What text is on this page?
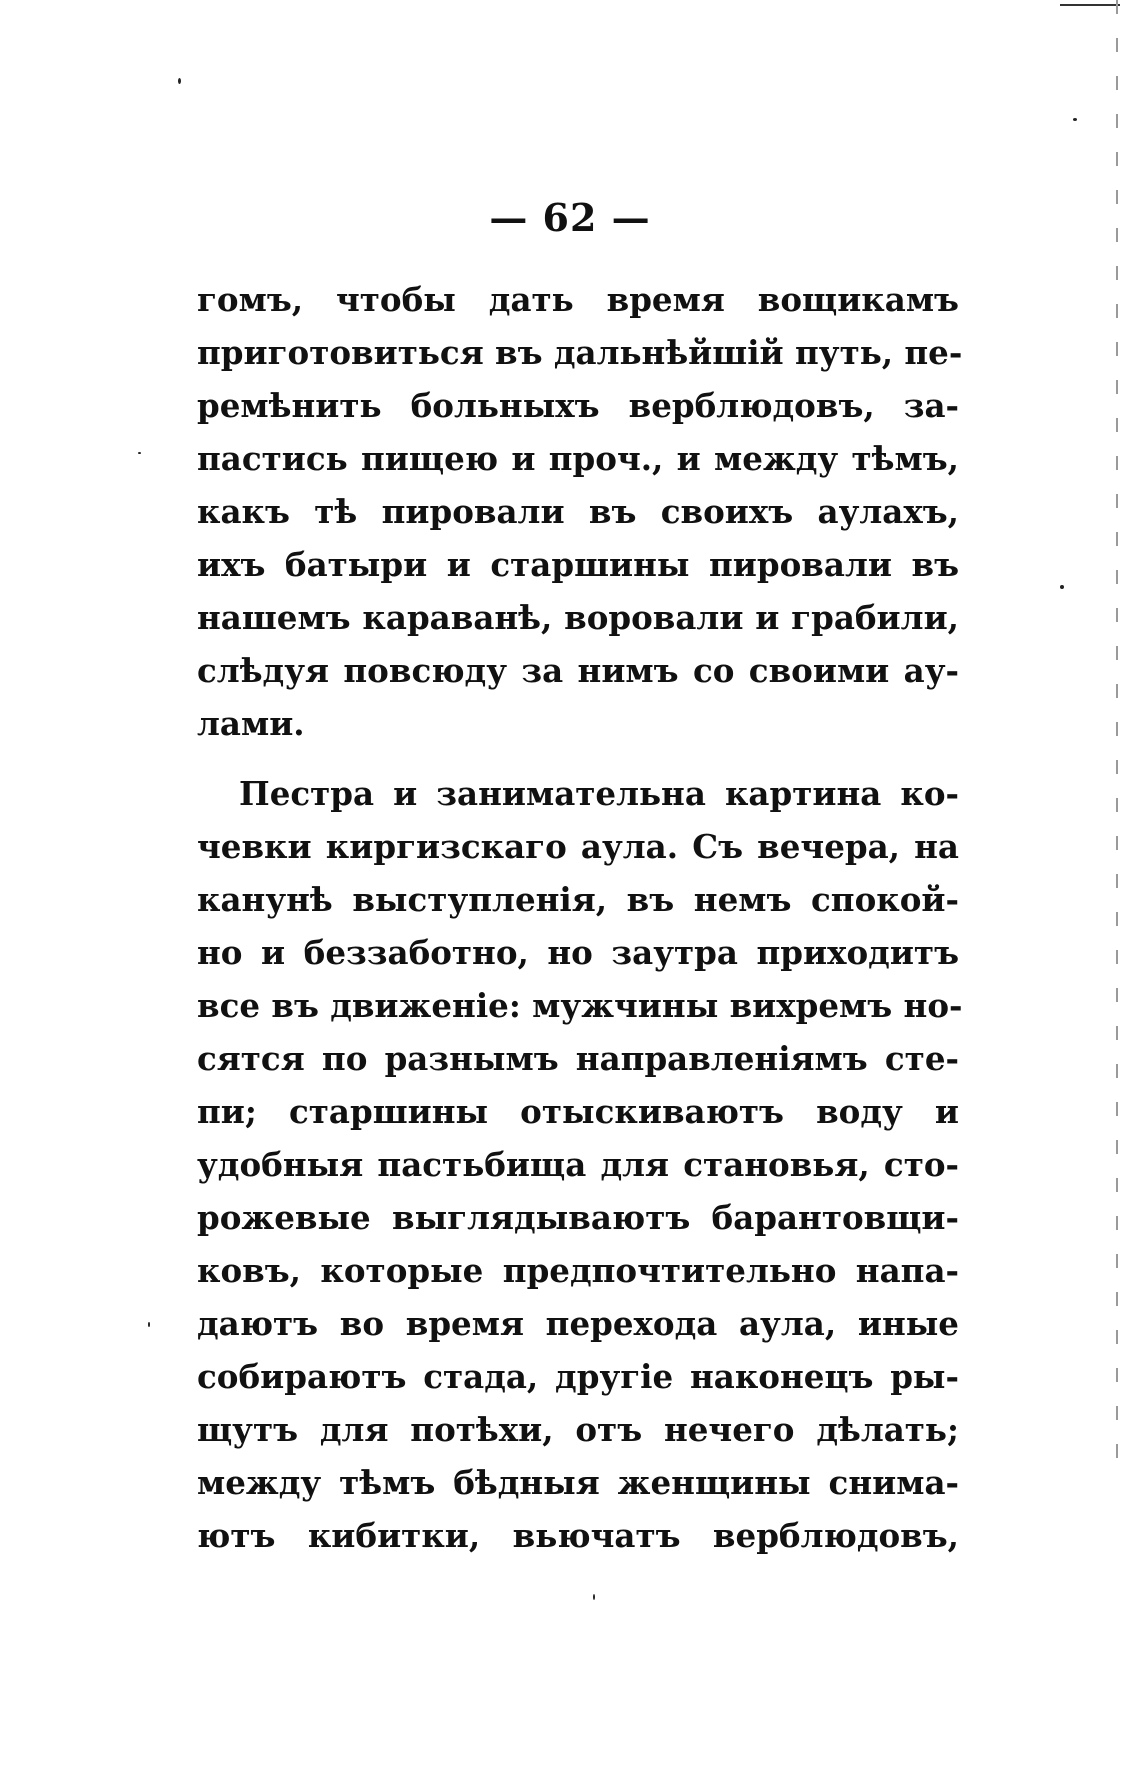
— 62 —
гомъ, чтобы дать время вощикамъ
приготовиться въ дальнѣйшій путь, пе-
ремѣнить больныхъ верблюдовъ, за-
пастись пищею и проч., и между тѣмъ,
какъ тѣ пировали въ своихъ аулахъ,
ихъ батыри и старшины пировали въ
нашемъ караванѣ, воровали и грабили,
слѣдуя повсюду за нимъ со своими ау-
лами.
Пестра и занимательна картина ко-
чевки киргизскаго аула. Съ вечера, на
канунѣ выступленія, въ немъ спокой-
но и беззаботно, но заутра приходитъ
все въ движеніе: мужчины вихремъ но-
сятся по разнымъ направленіямъ сте-
пи; старшины отыскиваютъ воду и
удобныя пастьбища для становья, сто-
рожевые выглядываютъ барантовщи-
ковъ, которые предпочтительно напа-
даютъ во время перехода аула, иные
собираютъ стада, другіе наконецъ ры-
щутъ для потѣхи, отъ нечего дѣлать;
между тѣмъ бѣдныя женщины снима-
ютъ кибитки, вьючатъ верблюдовъ,
